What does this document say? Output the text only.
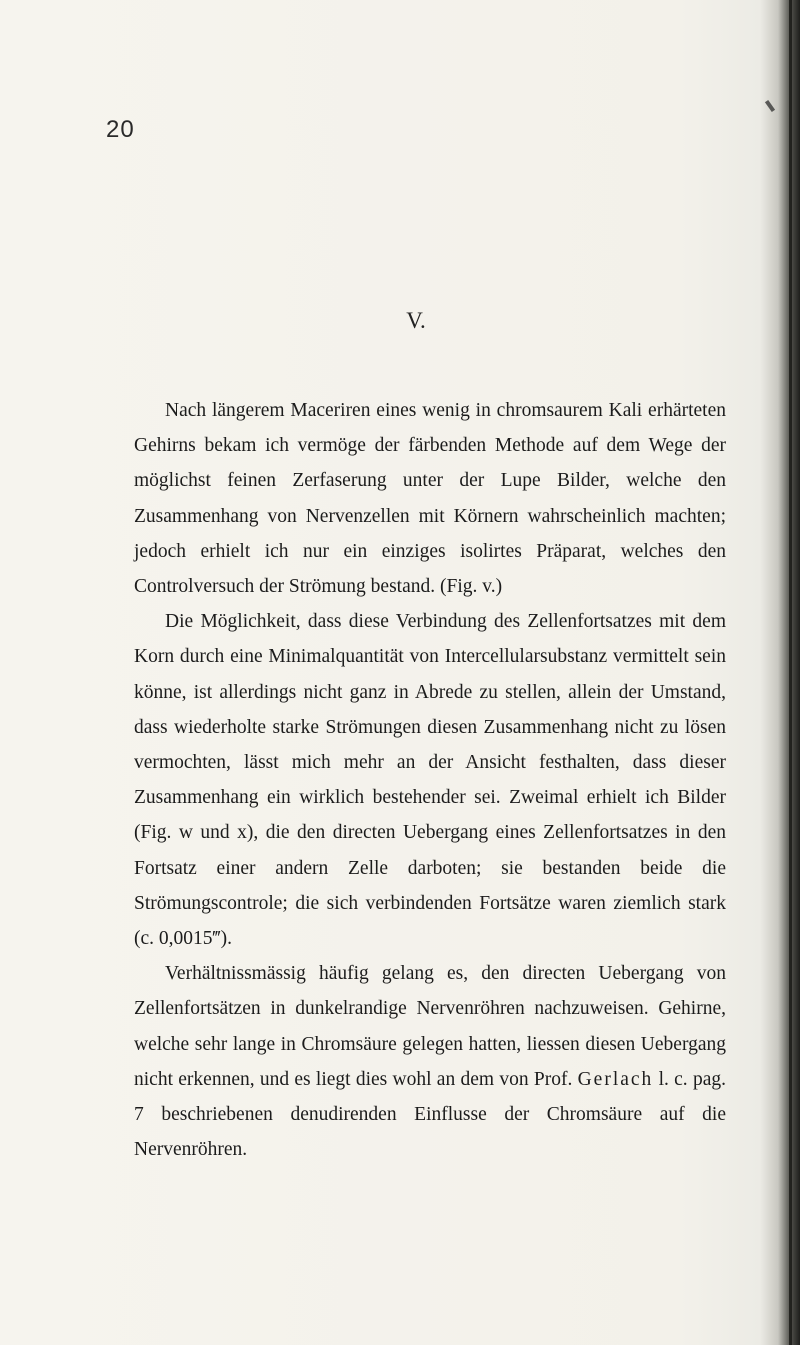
20
V.

Nach längerem Maceriren eines wenig in chromsaurem Kali erhärteten Gehirns bekam ich vermöge der färbenden Methode auf dem Wege der möglichst feinen Zerfaserung unter der Lupe Bilder, welche den Zusammenhang von Nervenzellen mit Körnern wahrscheinlich machten; jedoch erhielt ich nur ein einziges isolirtes Präparat, welches den Controlversuch der Strömung bestand. (Fig. v.)

Die Möglichkeit, dass diese Verbindung des Zellenfortsatzes mit dem Korn durch eine Minimalquantität von Intercellularsubstanz vermittelt sein könne, ist allerdings nicht ganz in Abrede zu stellen, allein der Umstand, dass wiederholte starke Strömungen diesen Zusammenhang nicht zu lösen vermochten, lässt mich mehr an der Ansicht festhalten, dass dieser Zusammenhang ein wirklich bestehender sei. Zweimal erhielt ich Bilder (Fig. w und x), die den directen Uebergang eines Zellenfortsatzes in den Fortsatz einer andern Zelle darboten; sie bestanden beide die Strömungscontrole; die sich verbindenden Fortsätze waren ziemlich stark (c. 0,0015‴).

Verhältnissmässig häufig gelang es, den directen Uebergang von Zellenfortsätzen in dunkelrandige Nervenröhren nachzuweisen. Gehirne, welche sehr lange in Chromsäure gelegen hatten, liessen diesen Uebergang nicht erkennen, und es liegt dies wohl an dem von Prof. Gerlach l. c. pag. 7 beschriebenen denudirenden Einflusse der Chromsäure auf die Nervenröhren.
